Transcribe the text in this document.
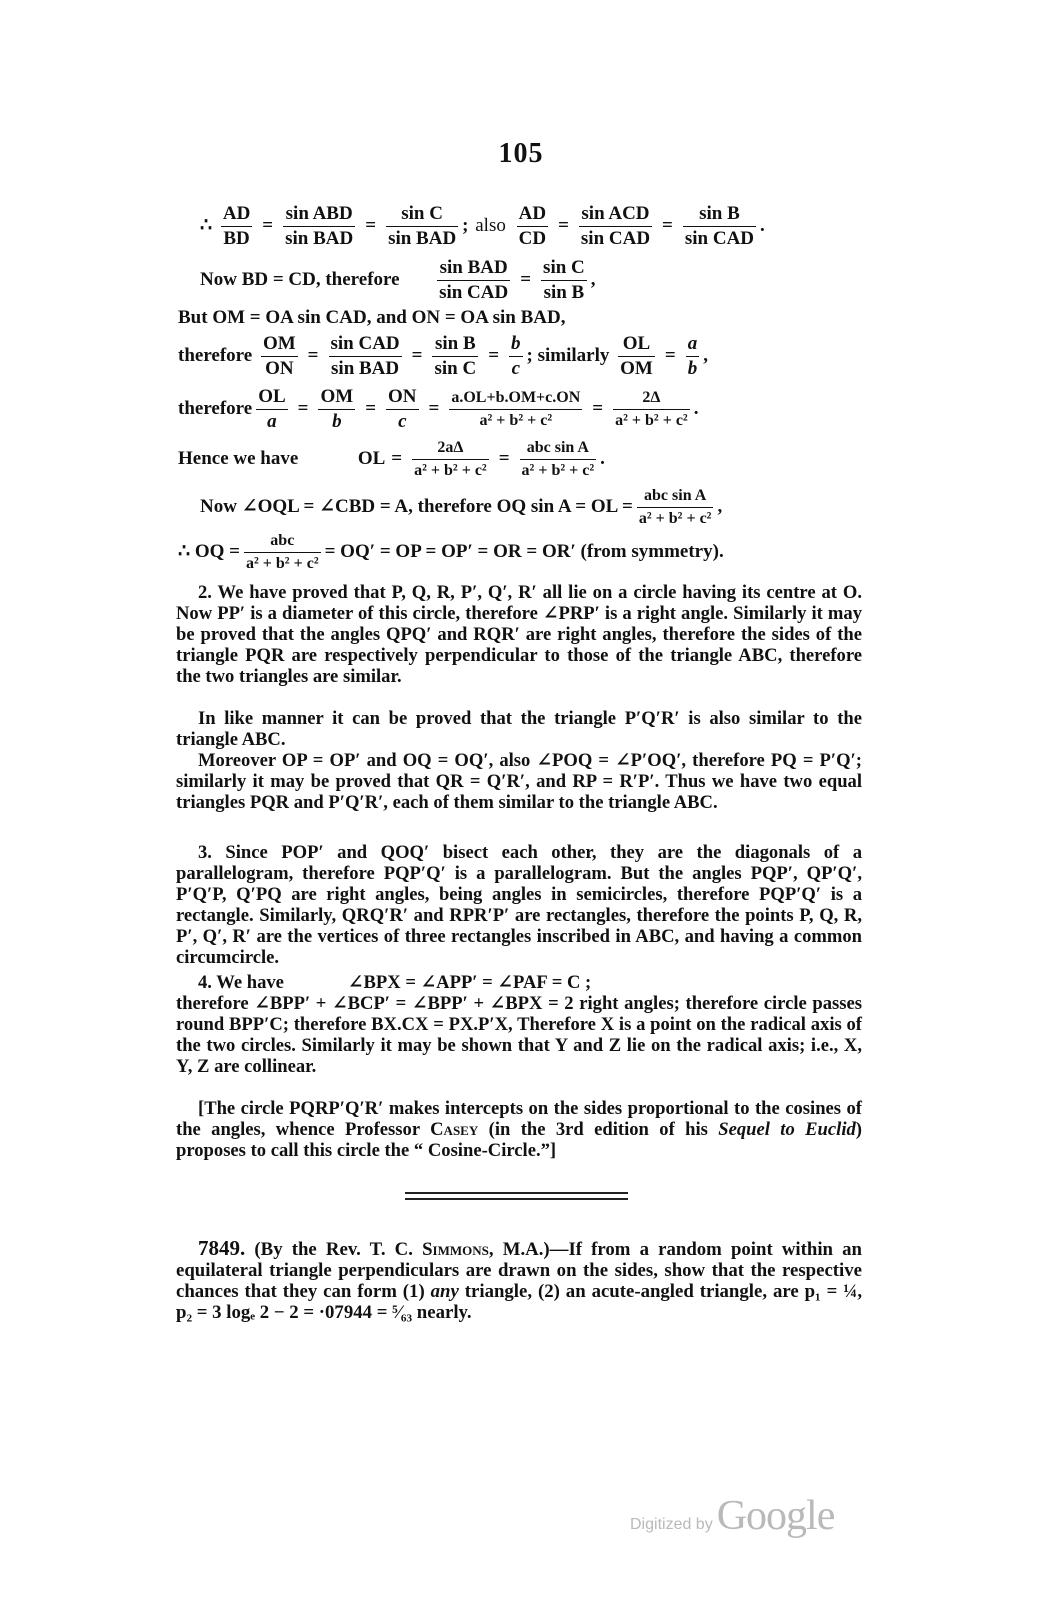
105
∴ $\frac{AD}{BD} = \frac{\text{sin ABD}}{\text{sin BAD}} = \frac{\text{sin C}}{\text{sin BAD}}$ ; also $\frac{AD}{CD} = \frac{\text{sin ACD}}{\text{sin CAD}} = \frac{\text{sin B}}{\text{sin CAD}}$ .
Now BD = CD, therefore $\frac{\text{sin BAD}}{\text{sin CAD}} = \frac{\text{sin C}}{\text{sin B}}$ ,
But OM = OA sin CAD, and ON = OA sin BAD,
therefore $\frac{OM}{ON} = \frac{\text{sin CAD}}{\text{sin BAD}} = \frac{\text{sin B}}{\text{sin C}} = \frac{b}{c}$ ; similarly $\frac{OL}{OM} = \frac{a}{b}$ ,
therefore $\frac{OL}{a} = \frac{OM}{b} = \frac{ON}{c} = \frac{a.OL+b.OM+c.ON}{\text{a² + b² + c²}} = \frac{2\Delta}{\text{a² + b² + c²}}$ .
Hence we have	OL = $\frac{2a\Delta}{\text{a² + b² + c²}} = \frac{\text{abc sin A}}{\text{a² + b² + c²}}$ .
Now ∠OQL = ∠CBD = A, therefore OQ sin A = OL = $\frac{\text{abc sin A}}{\text{a² + b² + c²}}$ ,
∴ OQ = $\frac{\text{abc}}{\text{a² + b² + c²}} = OQ'$ = OP = OP′ = OR = OR′ (from symmetry).
2. We have proved that P, Q, R, P′, Q′, R′ all lie on a circle having its centre at O. Now PP′ is a diameter of this circle, therefore ∠PRP′ is a right angle. Similarly it may be proved that the angles QPQ′ and RQR′ are right angles, therefore the sides of the triangle PQR are respectively perpendicular to those of the triangle ABC, therefore the two triangles are similar.
In like manner it can be proved that the triangle P′Q′R′ is also similar to the triangle ABC.
Moreover OP = OP′ and OQ = OQ′, also ∠POQ = ∠P′OQ′, therefore PQ = P′Q′; similarly it may be proved that QR = Q′R′, and RP = R′P′. Thus we have two equal triangles PQR and P′Q′R′, each of them similar to the triangle ABC.
3. Since POP′ and QOQ′ bisect each other, they are the diagonals of a parallelogram, therefore PQP′Q′ is a parallelogram. But the angles PQP′, QP′Q′, P′Q′P, Q′PQ are right angles, being angles in semicircles, therefore PQP′Q′ is a rectangle. Similarly, QRQ′R′ and RPR′P′ are rectangles, therefore the points P, Q, R, P′, Q′, R′ are the vertices of three rectangles inscribed in ABC, and having a common circumcircle.
4. We have	∠BPX = ∠APP′ = ∠PAF = C ;
therefore ∠BPP′ + ∠BCP′ = ∠BPP′ + ∠BPX = 2 right angles; therefore circle passes round BPP′C; therefore BX.CX = PX.P′X, Therefore X is a point on the radical axis of the two circles. Similarly it may be shown that Y and Z lie on the radical axis; i.e., X, Y, Z are collinear.
[The circle PQRP′Q′R′ makes intercepts on the sides proportional to the cosines of the angles, whence Professor Casey (in the 3rd edition of his Sequel to Euclid) proposes to call this circle the “ Cosine-Circle.”]
7849. (By the Rev. T. C. Simmons, M.A.)—If from a random point within an equilateral triangle perpendiculars are drawn on the sides, show that the respective chances that they can form (1) any triangle, (2) an acute-angled triangle, are p₁ = ¼, p₂ = 3 logₑ 2 − 2 = ·07944 = ⁵⁄₆₃ nearly.
Digitized byGoogle
